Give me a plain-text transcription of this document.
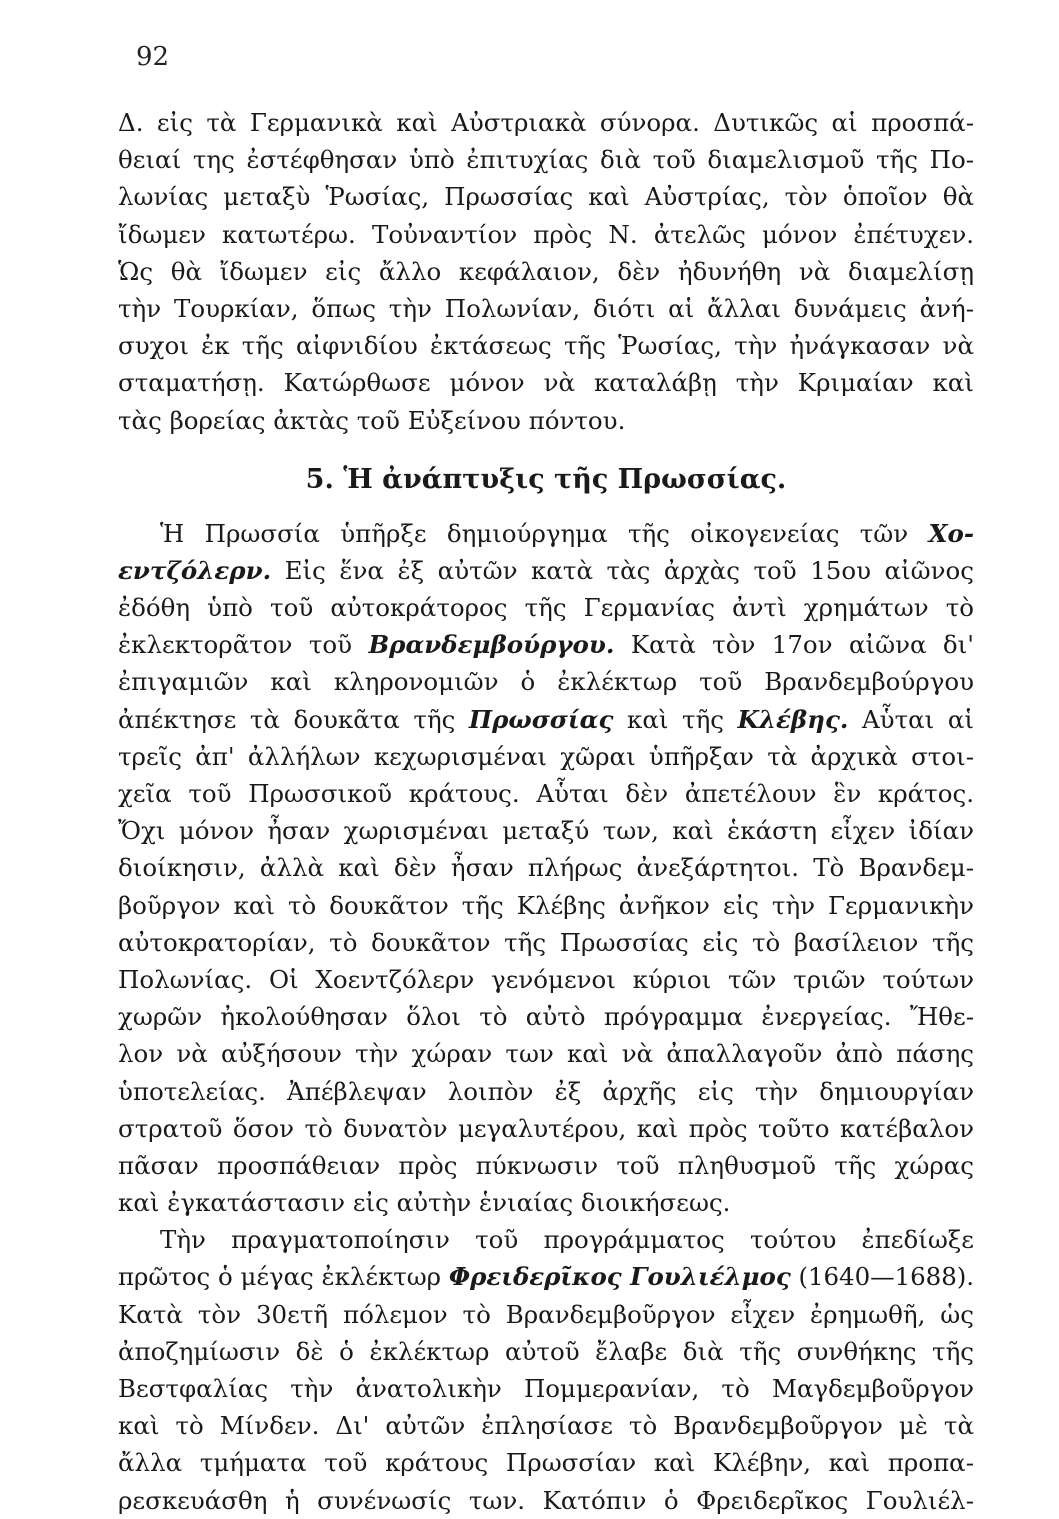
92
Δ. εἰς τὰ Γερμανικὰ καὶ Αὐστριακὰ σύνορα. Δυτικῶς αἱ προσπά-
θειαί της ἐστέφθησαν ὑπὸ ἐπιτυχίας διὰ τοῦ διαμελισμοῦ τῆς Πο-
λωνίας μεταξὺ Ῥωσίας, Πρωσσίας καὶ Αὐστρίας, τὸν ὁποῖον θὰ
ἴδωμεν κατωτέρω. Τοὐναντίον πρὸς Ν. ἀτελῶς μόνον ἐπέτυχεν.
Ὡς θὰ ἴδωμεν εἰς ἄλλο κεφάλαιον, δὲν ἠδυνήθη νὰ διαμελίσῃ
τὴν Τουρκίαν, ὅπως τὴν Πολωνίαν, διότι αἱ ἄλλαι δυνάμεις ἀνή-
συχοι ἐκ τῆς αἰφνιδίου ἐκτάσεως τῆς Ῥωσίας, τὴν ἠνάγκασαν νὰ
σταματήσῃ. Κατώρθωσε μόνον νὰ καταλάβῃ τὴν Κριμαίαν καὶ
τὰς βορείας ἀκτὰς τοῦ Εὐξείνου πόντου.
5. Ἡ ἀνάπτυξις τῆς Πρωσσίας.
Ἡ Πρωσσία ὑπῆρξε δημιούργημα τῆς οἰκογενείας τῶν Χο-
εντζόλερν. Εἰς ἕνα ἐξ αὐτῶν κατὰ τὰς ἀρχὰς τοῦ 15ου αἰῶνος
ἐδόθη ὑπὸ τοῦ αὐτοκράτορος τῆς Γερμανίας ἀντὶ χρημάτων τὸ
ἐκλεκτορᾶτον τοῦ Βρανδεμβούργου. Κατὰ τὸν 17ον αἰῶνα δι'
ἐπιγαμιῶν καὶ κληρονομιῶν ὁ ἐκλέκτωρ τοῦ Βρανδεμβούργου
ἀπέκτησε τὰ δουκᾶτα τῆς Πρωσσίας καὶ τῆς Κλέβης. Αὗται αἱ
τρεῖς ἀπ' ἀλλήλων κεχωρισμέναι χῶραι ὑπῆρξαν τὰ ἀρχικὰ στοι-
χεῖα τοῦ Πρωσσικοῦ κράτους. Αὗται δὲν ἀπετέλουν ἓν κράτος.
Ὄχι μόνον ἦσαν χωρισμέναι μεταξύ των, καὶ ἑκάστη εἶχεν ἰδίαν
διοίκησιν, ἀλλὰ καὶ δὲν ἦσαν πλήρως ἀνεξάρτητοι. Τὸ Βρανδεμ-
βοῦργον καὶ τὸ δουκᾶτον τῆς Κλέβης ἀνῆκον εἰς τὴν Γερμανικὴν
αὐτοκρατορίαν, τὸ δουκᾶτον τῆς Πρωσσίας εἰς τὸ βασίλειον τῆς
Πολωνίας. Οἱ Χοεντζόλερν γενόμενοι κύριοι τῶν τριῶν τούτων
χωρῶν ἠκολούθησαν ὅλοι τὸ αὐτὸ πρόγραμμα ἐνεργείας. Ἤθε-
λον νὰ αὐξήσουν τὴν χώραν των καὶ νὰ ἀπαλλαγοῦν ἀπὸ πάσης
ὑποτελείας. Ἀπέβλεψαν λοιπὸν ἐξ ἀρχῆς εἰς τὴν δημιουργίαν
στρατοῦ ὅσον τὸ δυνατὸν μεγαλυτέρου, καὶ πρὸς τοῦτο κατέβαλον
πᾶσαν προσπάθειαν πρὸς πύκνωσιν τοῦ πληθυσμοῦ τῆς χώρας
καὶ ἐγκατάστασιν εἰς αὐτὴν ἑνιαίας διοικήσεως.
Τὴν πραγματοποίησιν τοῦ προγράμματος τούτου ἐπεδίωξε
πρῶτος ὁ μέγας ἐκλέκτωρ Φρειδερῖκος Γουλιέλμος (1640—1688).
Κατὰ τὸν 30ετῆ πόλεμον τὸ Βρανδεμβοῦργον εἶχεν ἐρημωθῆ, ὡς
ἀποζημίωσιν δὲ ὁ ἐκλέκτωρ αὐτοῦ ἔλαβε διὰ τῆς συνθήκης τῆς
Βεστφαλίας τὴν ἀνατολικὴν Πομμερανίαν, τὸ Μαγδεμβοῦργον
καὶ τὸ Μίνδεν. Δι' αὐτῶν ἐπλησίασε τὸ Βρανδεμβοῦργον μὲ τὰ
ἄλλα τμήματα τοῦ κράτους Πρωσσίαν καὶ Κλέβην, καὶ προπα-
ρεσκευάσθη ἡ συνένωσίς των. Κατόπιν ὁ Φρειδερῖκος Γουλιέλ-
